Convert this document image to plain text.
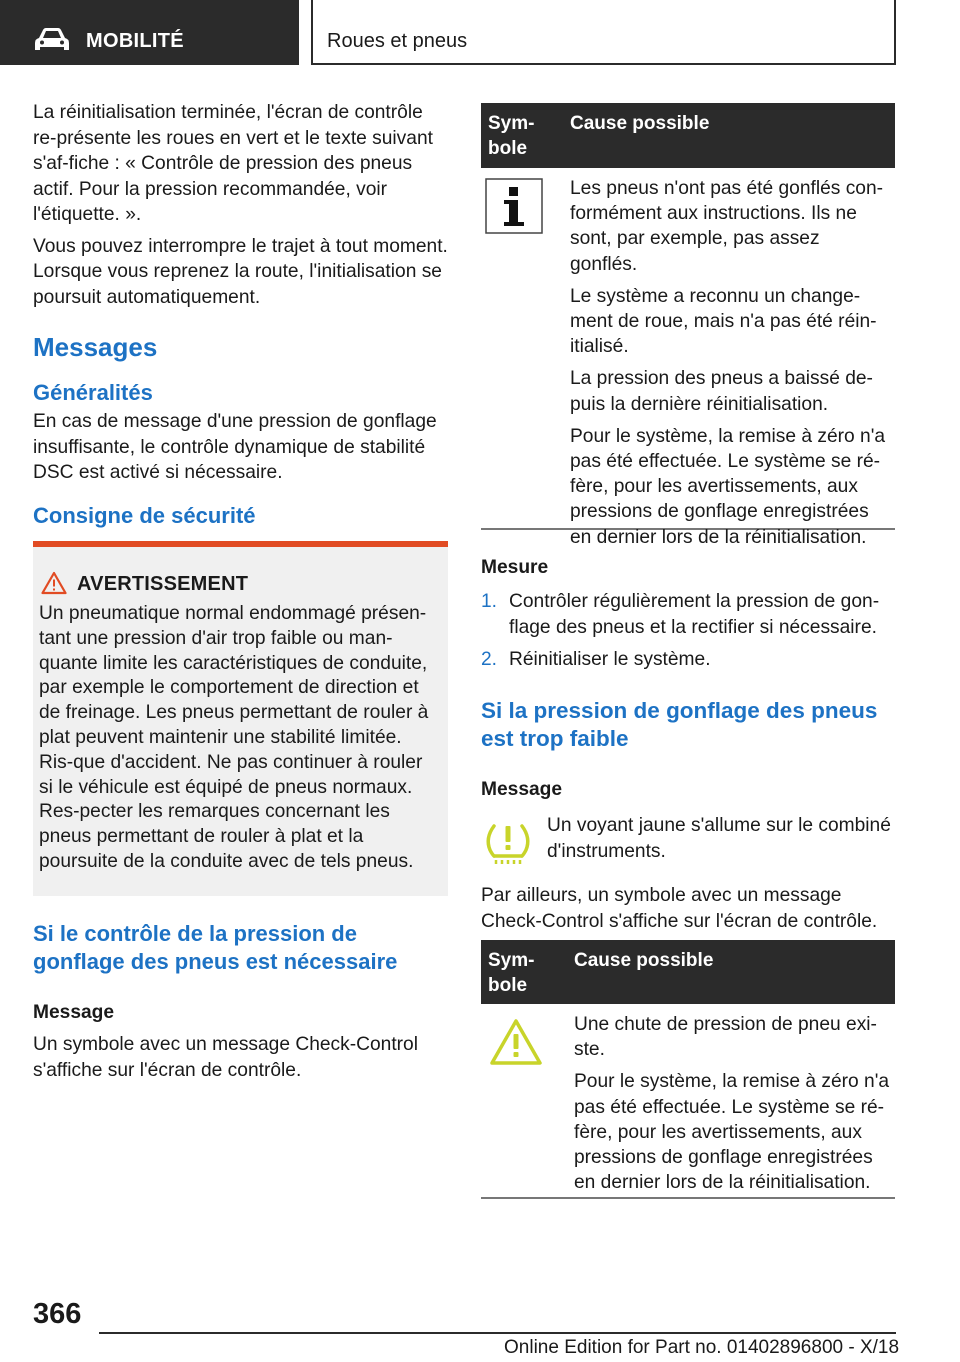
MOBILITÉ	Roues et pneus

La réinitialisation terminée, l'écran de contrôle re-présente les roues en vert et le texte suivant s'af-fiche : « Contrôle de pression des pneus actif. Pour la pression recommandée, voir l'étiquette. ».

Vous pouvez interrompre le trajet à tout moment. Lorsque vous reprenez la route, l'initialisation se poursuit automatiquement.

Messages
Généralités

En cas de message d'une pression de gonflage insuffisante, le contrôle dynamique de stabilité DSC est activé si nécessaire.

Consigne de sécurité
AVERTISSEMENT
Un pneumatique normal endommagé présen-tant une pression d'air trop faible ou man-quante limite les caractéristiques de conduite, par exemple le comportement de direction et de freinage. Les pneus permettant de rouler à plat peuvent maintenir une stabilité limitée. Ris-que d'accident. Ne pas continuer à rouler si le véhicule est équipé de pneus normaux. Res-pecter les remarques concernant les pneus permettant de rouler à plat et la poursuite de la conduite avec de tels pneus.
Si le contrôle de la pression de gonflage des pneus est nécessaire
Message

Un symbole avec un message Check-Control s'affiche sur l'écran de contrôle.

Sym-bole
Cause possible

Les pneus n'ont pas été gonflés con-formément aux instructions. Ils ne sont, par exemple, pas assez gonflés.

Le système a reconnu un change-ment de roue, mais n'a pas été réin-itialisé.

La pression des pneus a baissé de-puis la dernière réinitialisation.

Pour le système, la remise à zéro n'a pas été effectuée. Le système se ré-fère, pour les avertissements, aux pressions de gonflage enregistrées en dernier lors de la réinitialisation.

Mesure
1. Contrôler régulièrement la pression de gon-flage des pneus et la rectifier si nécessaire.
2. Réinitialiser le système.
Si la pression de gonflage des pneus est trop faible
Message
Un voyant jaune s'allume sur le combiné d'instruments.
Par ailleurs, un symbole avec un message Check-Control s'affiche sur l'écran de contrôle.
Sym-bole
Cause possible

Une chute de pression de pneu exi-ste.

Pour le système, la remise à zéro n'a pas été effectuée. Le système se ré-fère, pour les avertissements, aux pressions de gonflage enregistrées en dernier lors de la réinitialisation.

366
Online Edition for Part no. 01402896800 - X/18
